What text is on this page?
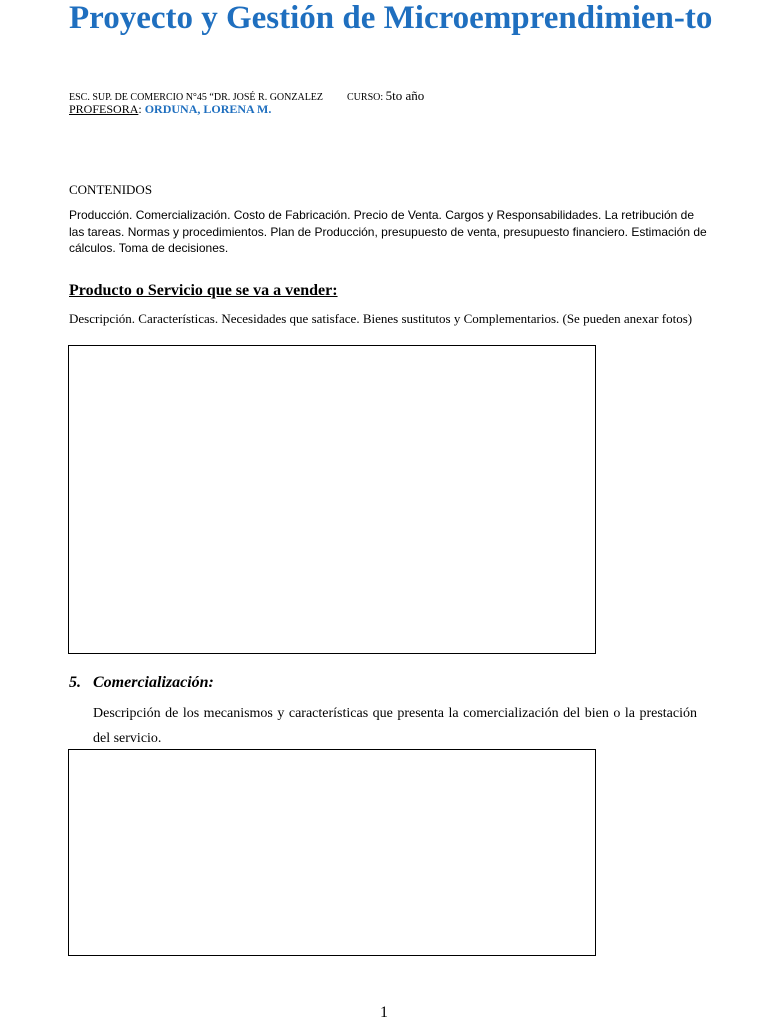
Proyecto y Gestión de Microemprendimien-to
ESC. SUP. DE COMERCIO N°45 “DR. JOSÉ R. GONZALEZ CURSO: 5to año
PROFESORA: ORDUNA, LORENA M.
CONTENIDOS
Producción. Comercialización. Costo de Fabricación. Precio de Venta. Cargos y Responsabilidades. La retribución de las tareas. Normas y procedimientos. Plan de Producción, presupuesto de venta, presupuesto financiero. Estimación de cálculos. Toma de decisiones.
Producto o Servicio que se va a vender:
Descripción. Características. Necesidades que satisface. Bienes sustitutos y Complementarios. (Se pueden anexar fotos)
5. Comercialización:
Descripción de los mecanismos y características que presenta la comercialización del bien o la prestación del servicio.
1
